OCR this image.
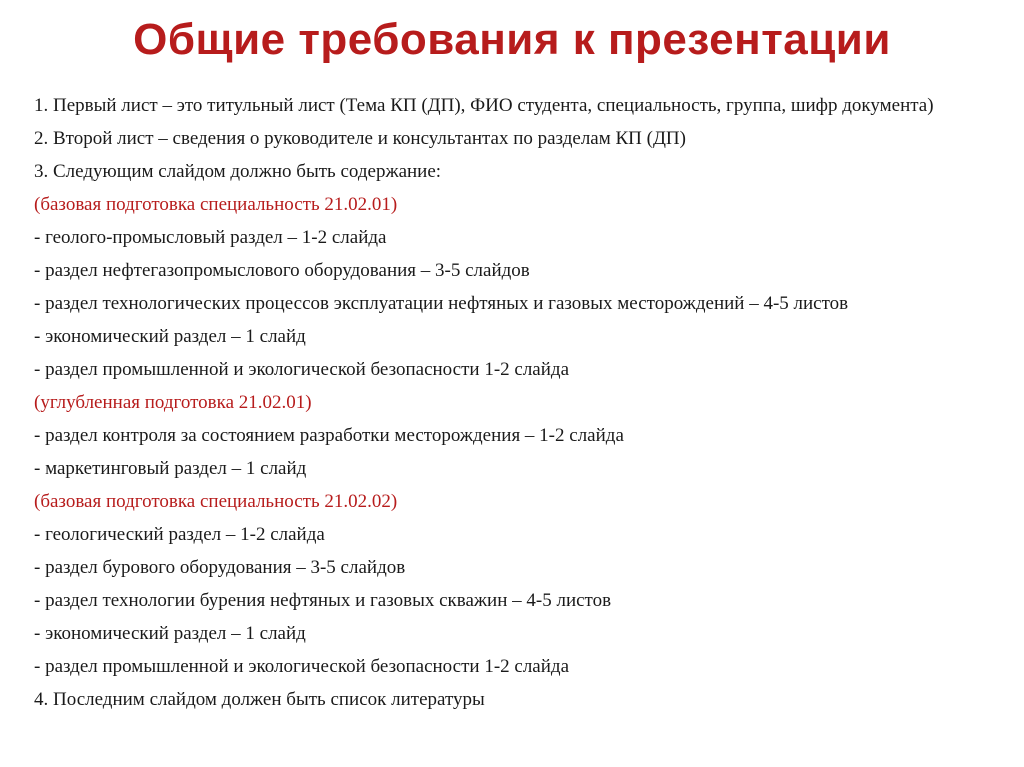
Общие требования к презентации
1. Первый лист – это титульный лист (Тема КП (ДП), ФИО студента, специальность, группа, шифр документа)
2. Второй лист – сведения о руководителе и консультантах по разделам КП (ДП)
3. Следующим слайдом должно быть содержание:
(базовая подготовка специальность 21.02.01)
- геолого-промысловый раздел – 1-2 слайда
- раздел нефтегазопромыслового оборудования – 3-5 слайдов
- раздел технологических процессов эксплуатации нефтяных и газовых месторождений – 4-5 листов
- экономический раздел – 1 слайд
- раздел промышленной и экологической безопасности 1-2 слайда
(углубленная подготовка 21.02.01)
- раздел контроля за состоянием разработки месторождения – 1-2 слайда
- маркетинговый раздел – 1 слайд
(базовая подготовка специальность 21.02.02)
- геологический раздел – 1-2 слайда
- раздел бурового оборудования – 3-5 слайдов
- раздел технологии бурения нефтяных и газовых скважин – 4-5 листов
- экономический раздел – 1 слайд
- раздел промышленной и экологической безопасности 1-2 слайда
4. Последним слайдом должен быть список литературы
